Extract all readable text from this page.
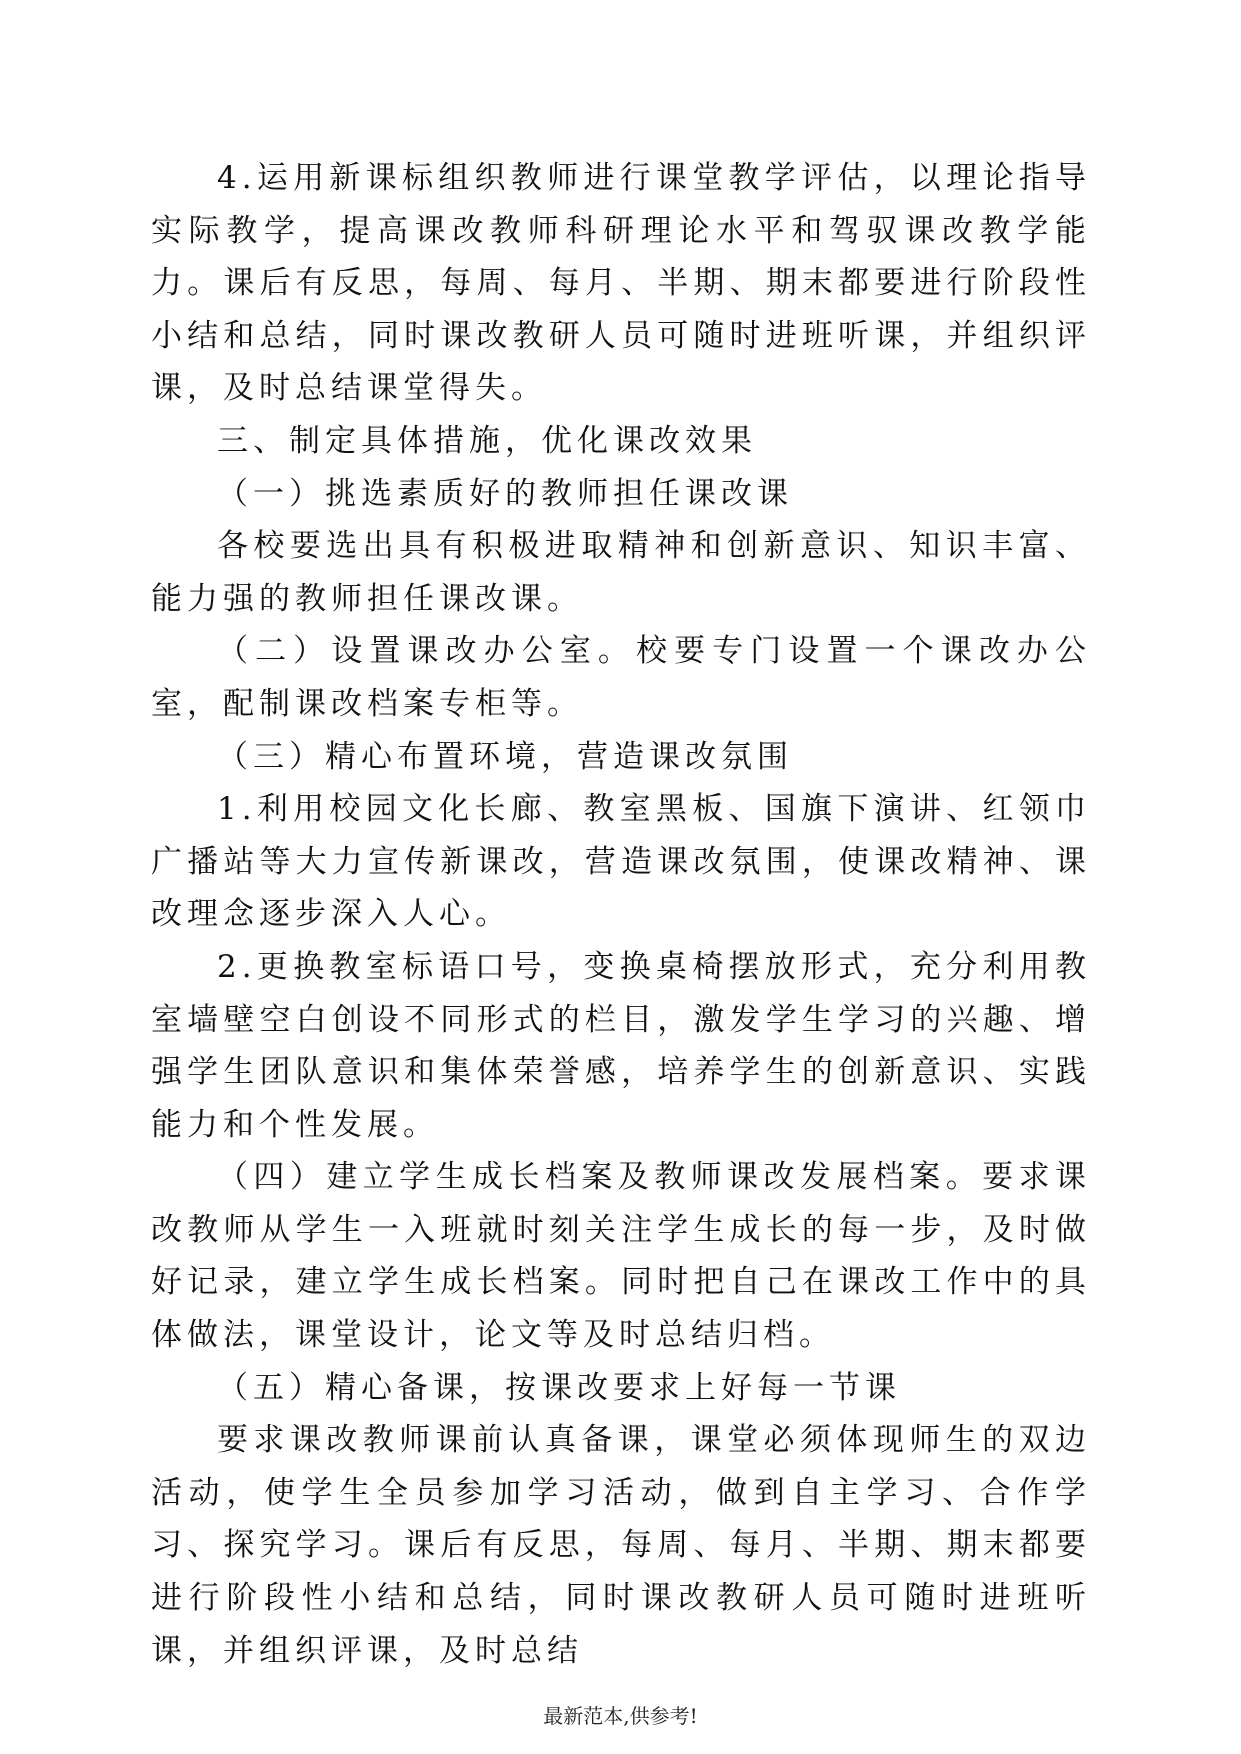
4.运用新课标组织教师进行课堂教学评估，以理论指导实际教学，提高课改教师科研理论水平和驾驭课改教学能力。课后有反思，每周、每月、半期、期末都要进行阶段性小结和总结，同时课改教研人员可随时进班听课，并组织评课，及时总结课堂得失。

三、制定具体措施，优化课改效果

（一）挑选素质好的教师担任课改课

各校要选出具有积极进取精神和创新意识、知识丰富、能力强的教师担任课改课。

（二）设置课改办公室。校要专门设置一个课改办公室，配制课改档案专柜等。

（三）精心布置环境，营造课改氛围

1.利用校园文化长廊、教室黑板、国旗下演讲、红领巾广播站等大力宣传新课改，营造课改氛围，使课改精神、课改理念逐步深入人心。

2.更换教室标语口号，变换桌椅摆放形式，充分利用教室墙壁空白创设不同形式的栏目，激发学生学习的兴趣、增强学生团队意识和集体荣誉感，培养学生的创新意识、实践能力和个性发展。

（四）建立学生成长档案及教师课改发展档案。要求课改教师从学生一入班就时刻关注学生成长的每一步，及时做好记录，建立学生成长档案。同时把自己在课改工作中的具体做法，课堂设计，论文等及时总结归档。

（五）精心备课，按课改要求上好每一节课

要求课改教师课前认真备课，课堂必须体现师生的双边活动，使学生全员参加学习活动，做到自主学习、合作学习、探究学习。课后有反思，每周、每月、半期、期末都要进行阶段性小结和总结，同时课改教研人员可随时进班听课，并组织评课，及时总结

最新范本,供参考!
